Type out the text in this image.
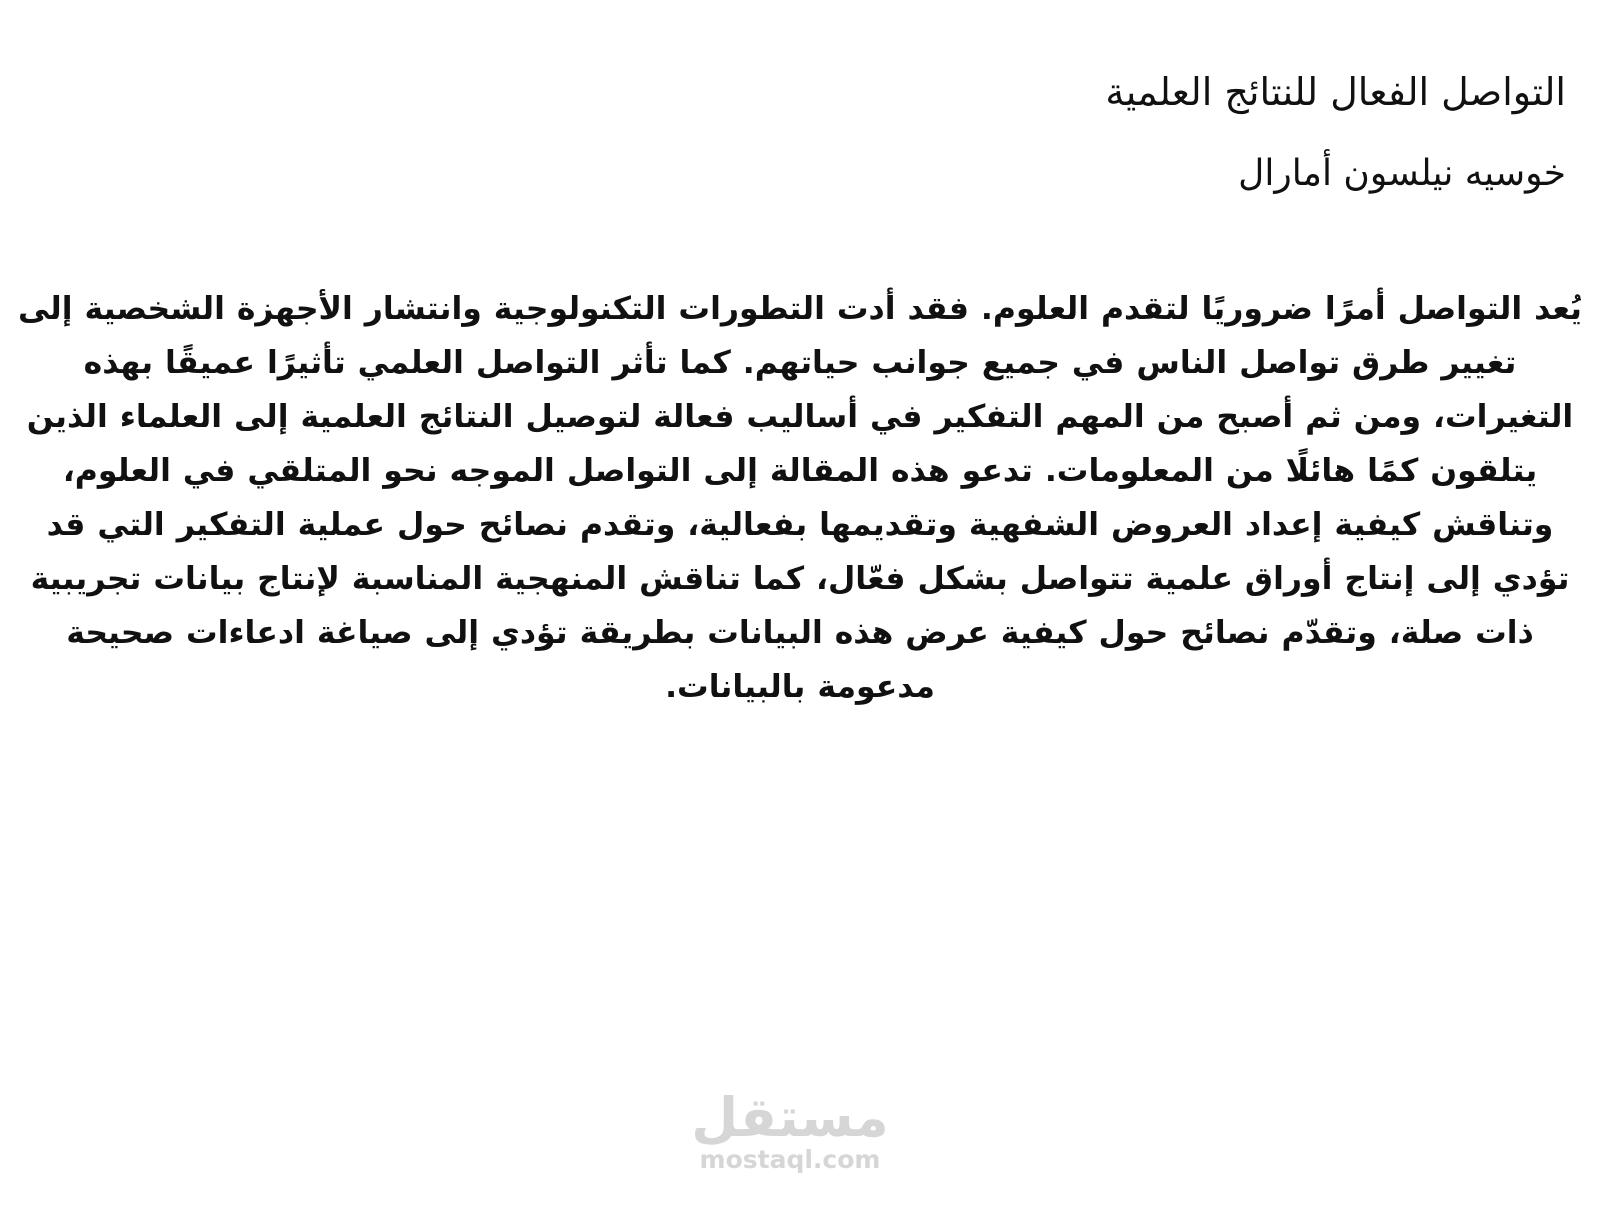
التواصل الفعال للنتائج العلمية
خوسيه نيلسون أمارال

يُعد التواصل أمرًا ضروريًا لتقدم العلوم. فقد أدت التطورات التكنولوجية وانتشار الأجهزة الشخصية إلى تغيير طرق تواصل الناس في جميع جوانب حياتهم. كما تأثر التواصل العلمي تأثيرًا عميقًا بهذه التغيرات، ومن ثم أصبح من المهم التفكير في أساليب فعالة لتوصيل النتائج العلمية إلى العلماء الذين يتلقون كمًا هائلًا من المعلومات. تدعو هذه المقالة إلى التواصل الموجه نحو المتلقي في العلوم، وتناقش كيفية إعداد العروض الشفهية وتقديمها بفعالية، وتقدم نصائح حول عملية التفكير التي قد تؤدي إلى إنتاج أوراق علمية تتواصل بشكل فعّال، كما تناقش المنهجية المناسبة لإنتاج بيانات تجريبية ذات صلة، وتقدّم نصائح حول كيفية عرض هذه البيانات بطريقة تؤدي إلى صياغة ادعاءات صحيحة مدعومة بالبيانات.

مستقل
mostaql.com
